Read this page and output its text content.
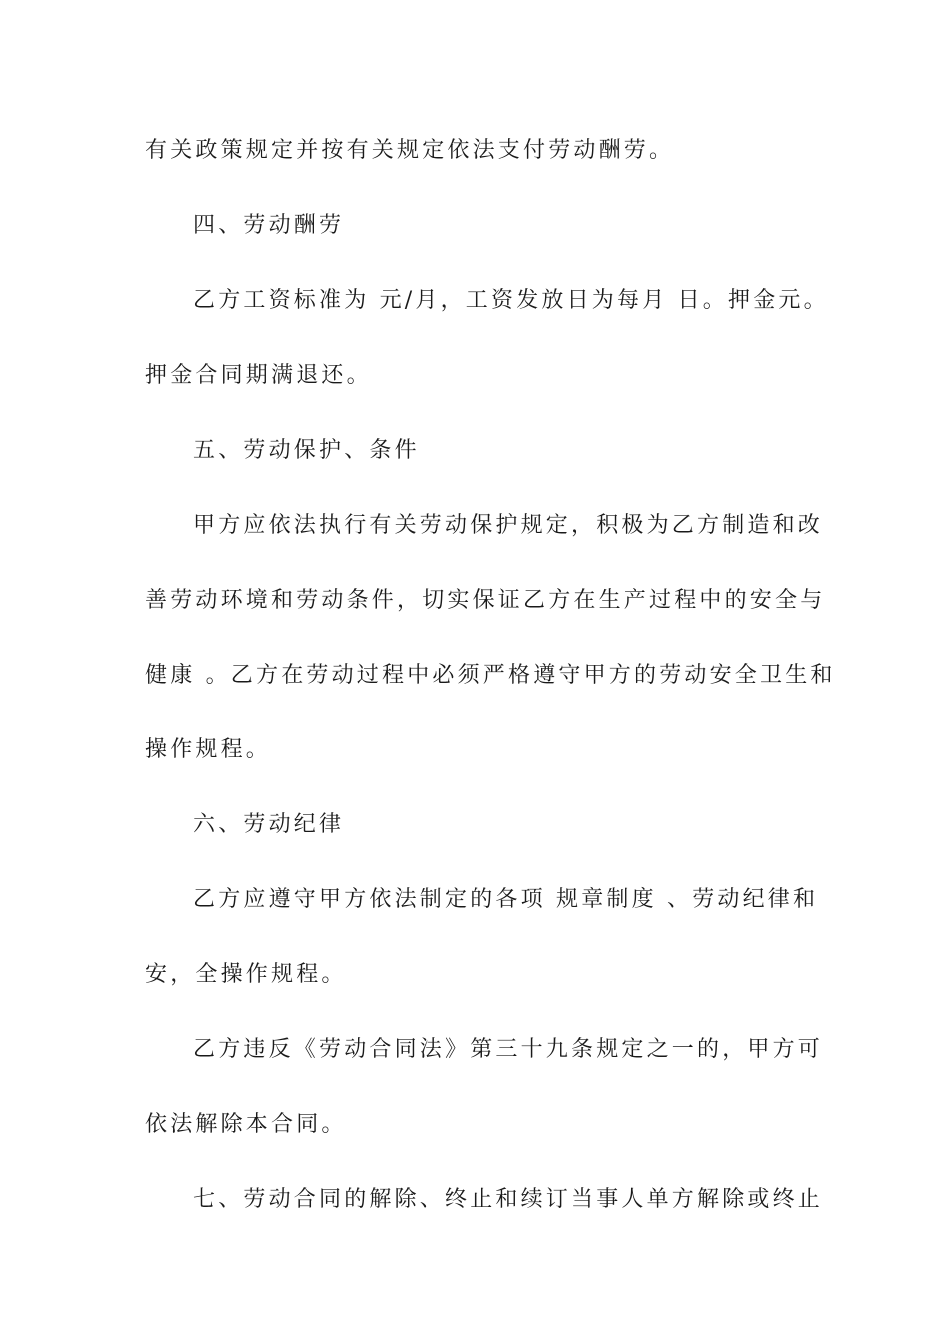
有关政策规定并按有关规定依法支付劳动酬劳。
四、劳动酬劳
乙方工资标准为 元/月，工资发放日为每月 日。押金元。
押金合同期满退还。
五、劳动保护、条件
甲方应依法执行有关劳动保护规定，积极为乙方制造和改
善劳动环境和劳动条件，切实保证乙方在生产过程中的安全与
健康 。乙方在劳动过程中必须严格遵守甲方的劳动安全卫生和
操作规程。
六、劳动纪律
乙方应遵守甲方依法制定的各项 规章制度 、劳动纪律和
安，全操作规程。
乙方违反《劳动合同法》第三十九条规定之一的，甲方可
依法解除本合同。
七、劳动合同的解除、终止和续订当事人单方解除或终止
